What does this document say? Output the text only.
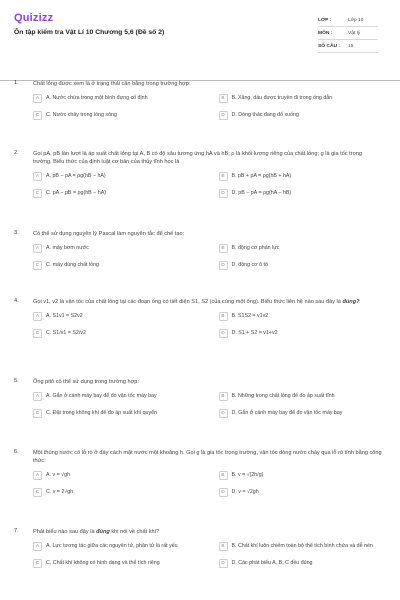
Quizizz
Ôn tập kiểm tra Vật Lí 10 Chương 5,6 (Đề số 2)
LỚP :	Lớp 10
MÔN :	Vật lý
SỐ CÂU :	15
1.	Chất lỏng được xem là ở trạng thái cân bằng trong trường hợp:
A	A. Nước chứa trong một bình đựng cố định	B	B. Xăng, dầu được truyền đi trong ống dẫn
C	C. Nước chảy trong lòng sông	D	D. Dòng thác đang đổ xuống
2.	Gọi pA, pB lần lượt là áp suất chất lỏng tại A, B có độ sâu tương ứng hA và hB; ρ là khối lượng riêng của chất lỏng; g là gia tốc trọng trường. Biểu thức của định luật cơ bản của thủy tĩnh học là
A	A. pB − pA = ρg(hB − hA)	B	B. pB + pA = ρg(hB + hA)
C	C. pA − pB = ρg(hB − hA)	D	D. pB − pA = ρg(hA − hB)
3.	Có thể sử dụng nguyên lý Pascal làm nguyên tắc để chế tạo:
A	A. máy bơm nước	B	B. động cơ phản lực
C	C. máy dùng chất lỏng	D	D. động cơ ô tô
4.	Gọi v1, v2 là vận tốc của chất lỏng tại các đoạn ống có tiết diện S1, S2 (của cùng một ống). Biểu thức liên hệ nào sau đây là đúng?
A	A. S1v1 = S2v2	B	B. S1S2 = v1v2
C	C. S1/v1 = S2/v2	D	D. S1 + S2 = v1+v2
5.	Ống pitô có thể sử dụng trong trường hợp:
A	A. Gắn ở cánh máy bay để đo vận tốc máy bay	B	B. Những trong chất lỏng để đo áp suất tĩnh
C	C. Đặt trong không khí để đo áp suất khí quyển	D	D. Gắn ở cánh máy bay để đo vận tốc máy bay
6.	Một thùng nước có lỗ rò ở đáy cách mặt nước một khoảng h. Gọi g là gia tốc trọng trường, vận tốc dòng nước chảy qua lỗ rò tính bằng công thức:
A	A. v = √gh	B	B. v = √(2h/g)
C	C. v = 2√gh	D	D. v = √2gh
7.	Phát biểu nào sau đây là đúng khi nói về chất khí?
A	A. Lực tương tác giữa các nguyên tử, phân tử là rất yếu	B	B. Chất khí luôn chiếm toàn bộ thể tích bình chứa và dễ nén
C	C. Chất khí không có hình dạng và thể tích riêng	D	D. Các phát biểu A, B, C đều đúng
